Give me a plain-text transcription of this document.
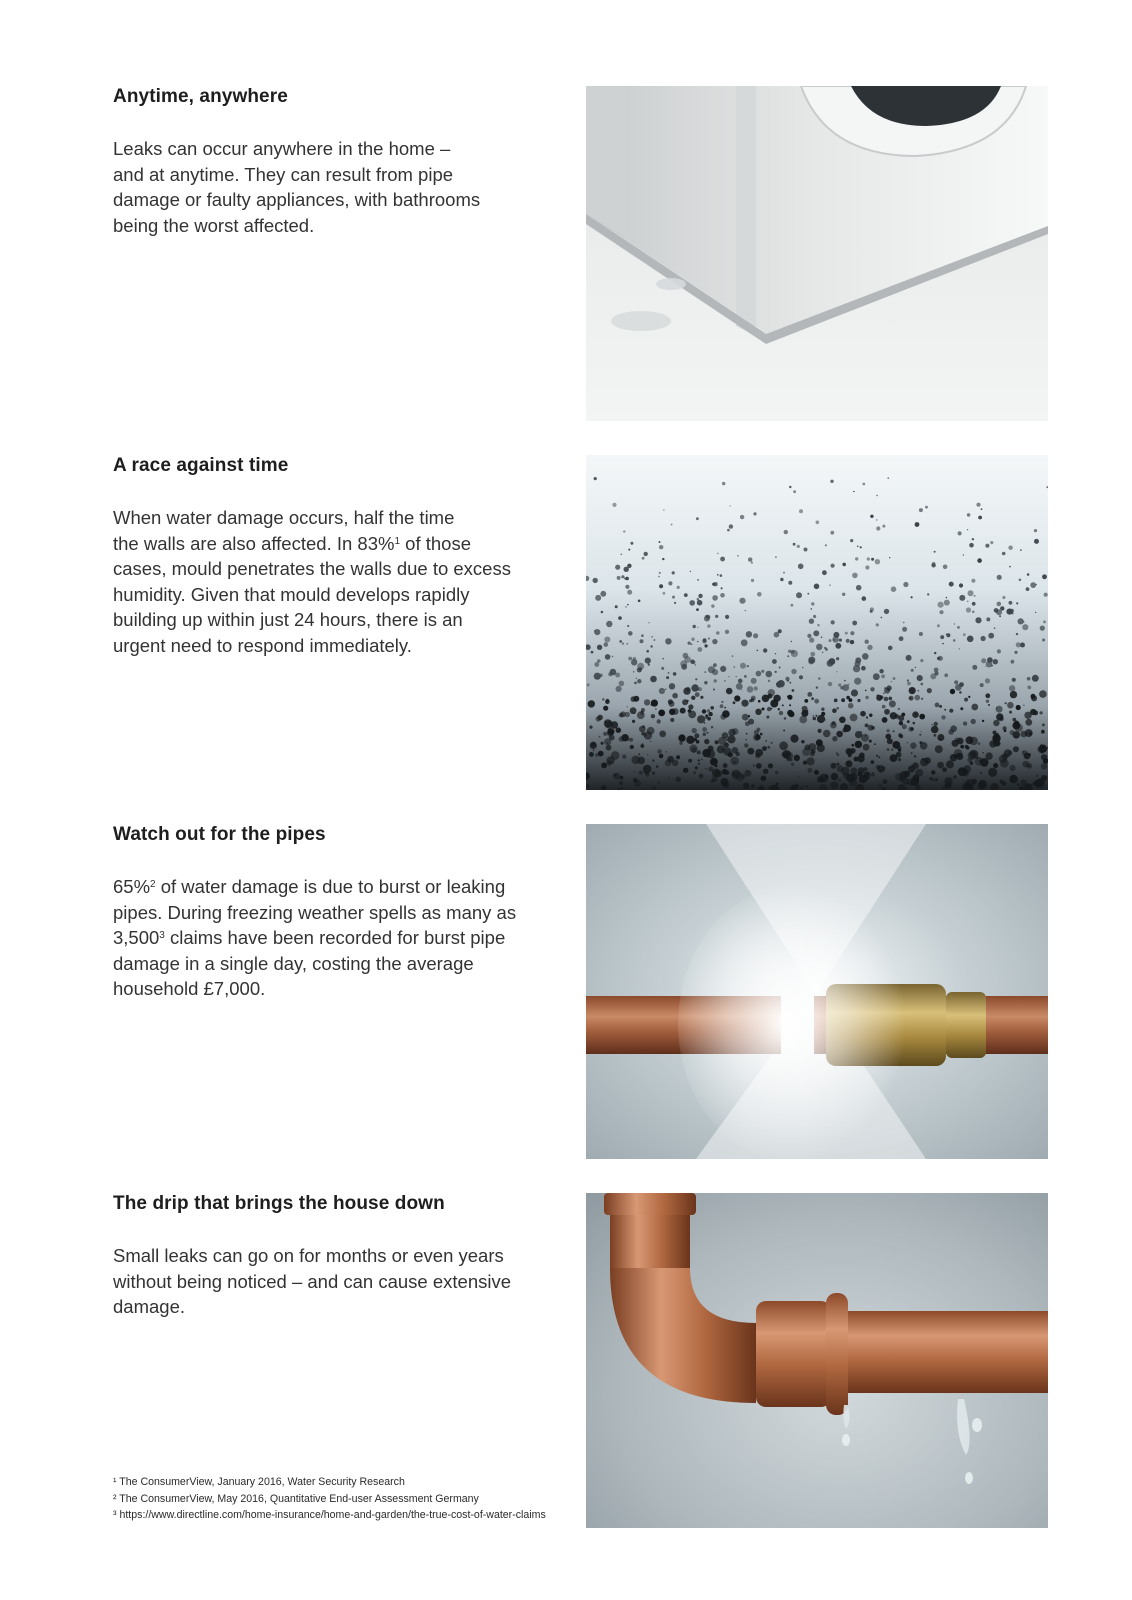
Anytime, anywhere

Leaks can occur anywhere in the home – and at anytime. They can result from pipe damage or faulty appliances, with bathrooms being the worst affected.

A race against time

When water damage occurs, half the time
the walls are also affected. In 83%$^1$ of those
cases, mould penetrates the walls due to excess
humidity. Given that mould develops rapidly
building up within just 24 hours, there is an
urgent need to respond immediately.

Watch out for the pipes

65%$^2$ of water damage is due to burst or leaking pipes. During freezing weather spells as many as 3,500$^3$ claims have been recorded for burst pipe damage in a single day, costing the average household £7,000.

The drip that brings the house down

Small leaks can go on for months or even years without being noticed – and can cause extensive damage.

¹ The ConsumerView, January 2016, Water Security Research
² The ConsumerView, May 2016, Quantitative End-user Assessment Germany
³ https://www.directline.com/home-insurance/home-and-garden/the-true-cost-of-water-claims
